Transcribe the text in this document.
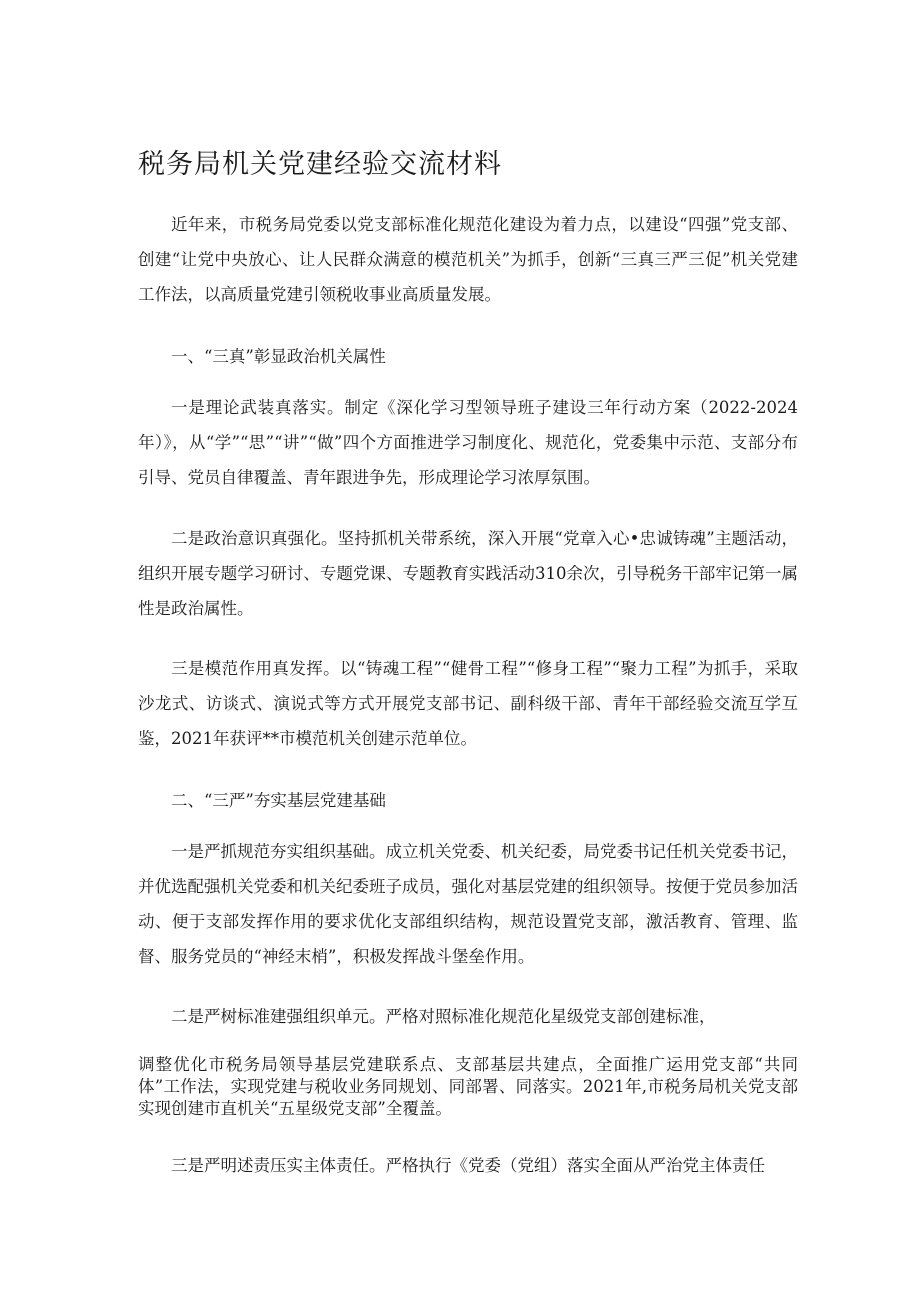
税务局机关党建经验交流材料

近年来，市税务局党委以党支部标准化规范化建设为着力点，以建设“四强”党支部、创建“让党中央放心、让人民群众满意的模范机关”为抓手，创新“三真三严三促”机关党建工作法，以高质量党建引领税收事业高质量发展。

一、“三真”彰显政治机关属性

一是理论武装真落实。制定《深化学习型领导班子建设三年行动方案（2022-2024年）》，从“学”“思”“讲”“做”四个方面推进学习制度化、规范化，党委集中示范、支部分布引导、党员自律覆盖、青年跟进争先，形成理论学习浓厚氛围。

二是政治意识真强化。坚持抓机关带系统，深入开展“党章入心•忠诚铸魂”主题活动，组织开展专题学习研讨、专题党课、专题教育实践活动310余次，引导税务干部牢记第一属性是政治属性。

三是模范作用真发挥。以“铸魂工程”“健骨工程”“修身工程”“聚力工程”为抓手，采取沙龙式、访谈式、演说式等方式开展党支部书记、副科级干部、青年干部经验交流互学互鉴，2021年获评**市模范机关创建示范单位。

二、“三严”夯实基层党建基础

一是严抓规范夯实组织基础。成立机关党委、机关纪委，局党委书记任机关党委书记，并优选配强机关党委和机关纪委班子成员，强化对基层党建的组织领导。按便于党员参加活动、便于支部发挥作用的要求优化支部组织结构，规范设置党支部，激活教育、管理、监督、服务党员的“神经末梢”，积极发挥战斗堡垒作用。

二是严树标准建强组织单元。严格对照标准化规范化星级党支部创建标准，

调整优化市税务局领导基层党建联系点、支部基层共建点，全面推广运用党支部“共同体”工作法，实现党建与税收业务同规划、同部署、同落实。2021年,市税务局机关党支部实现创建市直机关“五星级党支部”全覆盖。

三是严明述责压实主体责任。严格执行《党委（党组）落实全面从严治党主体责任
